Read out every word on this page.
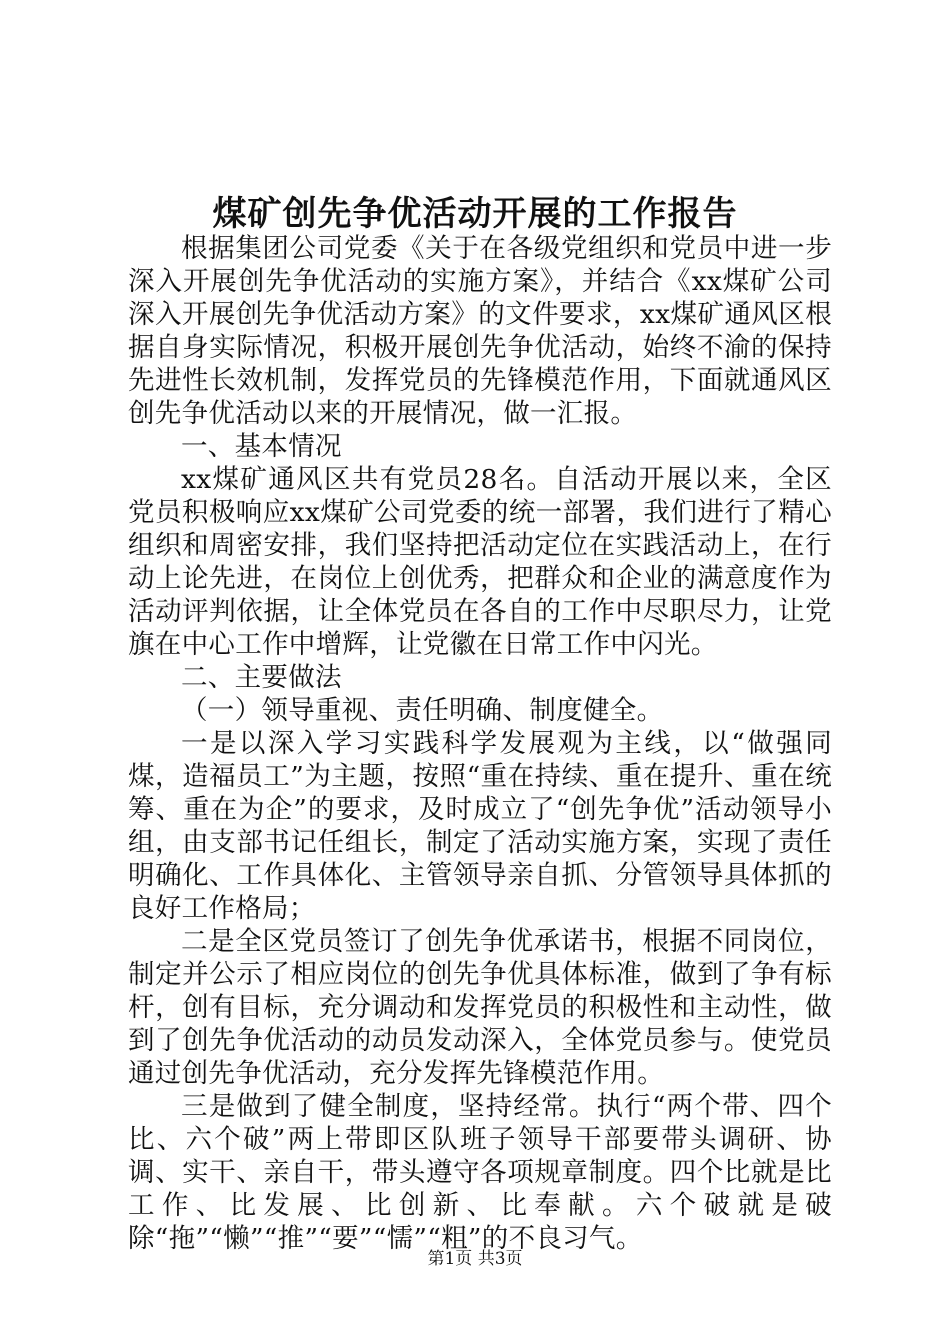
煤矿创先争优活动开展的工作报告

根据集团公司党委《关于在各级党组织和党员中进一步深入开展创先争优活动的实施方案》，并结合《xx煤矿公司深入开展创先争优活动方案》的文件要求，xx煤矿通风区根据自身实际情况，积极开展创先争优活动，始终不渝的保持先进性长效机制，发挥党员的先锋模范作用，下面就通风区创先争优活动以来的开展情况，做一汇报。

一、基本情况

xx煤矿通风区共有党员28名。自活动开展以来，全区党员积极响应xx煤矿公司党委的统一部署，我们进行了精心组织和周密安排，我们坚持把活动定位在实践活动上，在行动上论先进，在岗位上创优秀，把群众和企业的满意度作为活动评判依据，让全体党员在各自的工作中尽职尽力，让党旗在中心工作中增辉，让党徽在日常工作中闪光。

二、主要做法

（一）领导重视、责任明确、制度健全。

一是以深入学习实践科学发展观为主线，以“做强同煤，造福员工”为主题，按照“重在持续、重在提升、重在统筹、重在为企”的要求，及时成立了“创先争优”活动领导小组，由支部书记任组长，制定了活动实施方案，实现了责任明确化、工作具体化、主管领导亲自抓、分管领导具体抓的良好工作格局；

二是全区党员签订了创先争优承诺书，根据不同岗位，制定并公示了相应岗位的创先争优具体标准，做到了争有标杆，创有目标，充分调动和发挥党员的积极性和主动性，做到了创先争优活动的动员发动深入，全体党员参与。使党员通过创先争优活动，充分发挥先锋模范作用。

三是做到了健全制度，坚持经常。执行“两个带、四个比、六个破”两上带即区队班子领导干部要带头调研、协调、实干、亲自干，带头遵守各项规章制度。四个比就是比工作、比发展、比创新、比奉献。六个破就是破除“拖”“懒”“推”“要”“懦”“粗”的不良习气。

第1页 共3页
